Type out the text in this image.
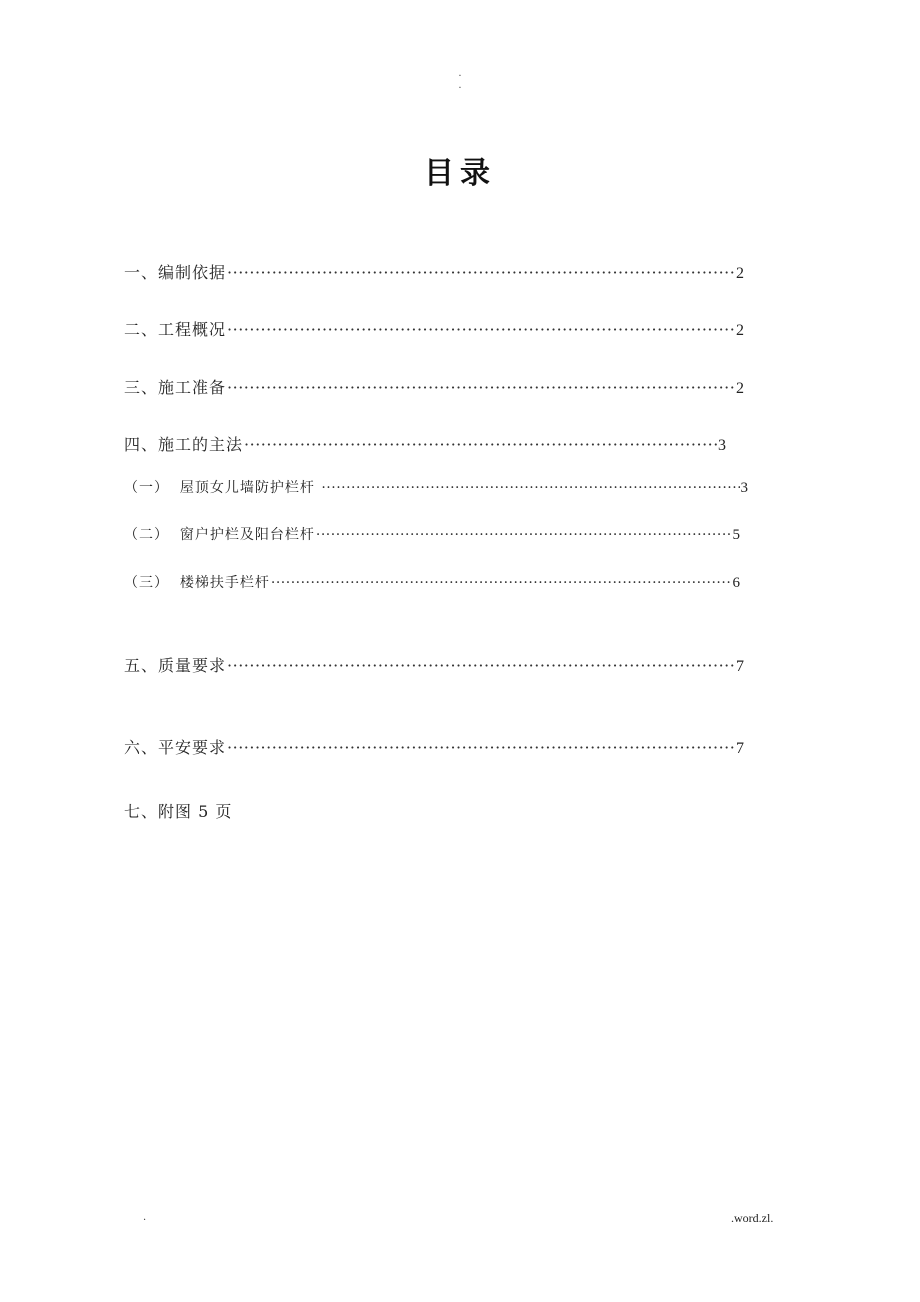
.
.
目录
一、编制依据 ·····	2
二、工程概况 ·····	2
三、施工准备 ·····	2
四、施工的主法 ·····	3
（一）  屋顶女儿墙防护栏杆 ·····	3
（二）  窗户护栏及阳台栏杆 ·····	5
（三）  楼梯扶手栏杆 ·····	6
五、质量要求 ·····	7
六、平安要求 ·····	7
七、附图 5 页
.	.word.zl.
